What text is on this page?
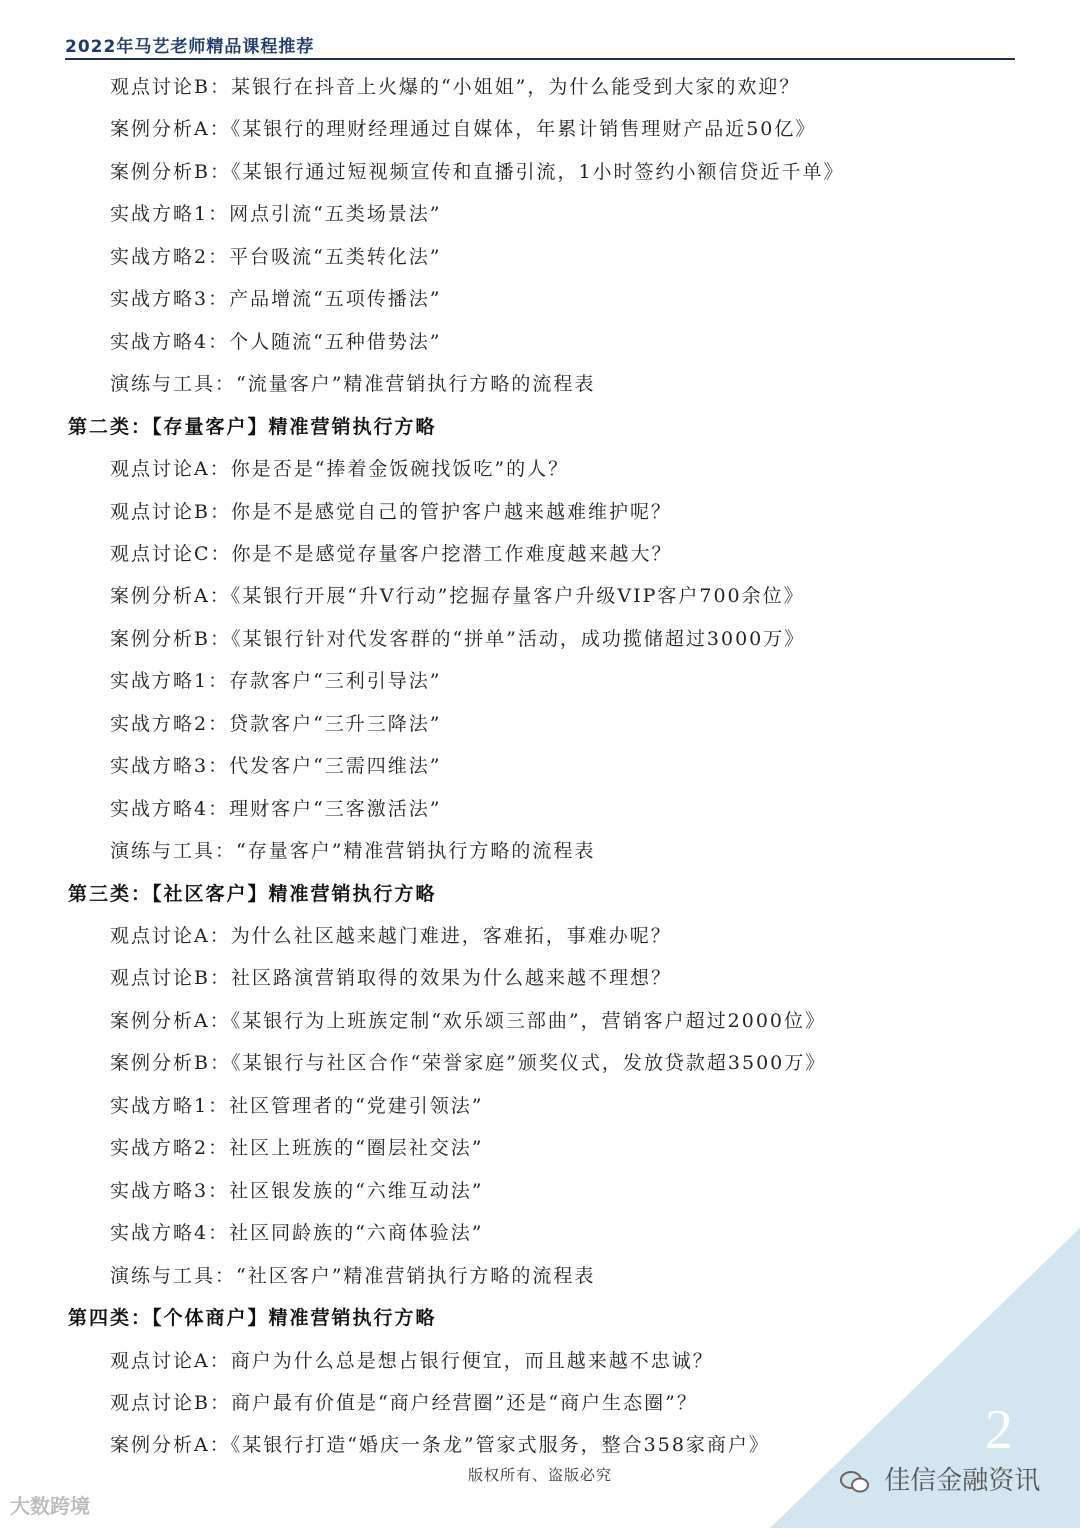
2
2022年马艺老师精品课程推荐
观点讨论B：某银行在抖音上火爆的“小姐姐”，为什么能受到大家的欢迎？
案例分析A：《某银行的理财经理通过自媒体，年累计销售理财产品近50亿》
案例分析B：《某银行通过短视频宣传和直播引流，1小时签约小额信贷近千单》
实战方略1：网点引流“五类场景法”
实战方略2：平台吸流“五类转化法”
实战方略3：产品增流“五项传播法”
实战方略4：个人随流“五种借势法”
演练与工具：“流量客户”精准营销执行方略的流程表
第二类：【存量客户】精准营销执行方略
观点讨论A：你是否是“捧着金饭碗找饭吃”的人？
观点讨论B：你是不是感觉自己的管护客户越来越难维护呢？
观点讨论C：你是不是感觉存量客户挖潜工作难度越来越大？
案例分析A：《某银行开展“升V行动”挖掘存量客户升级VIP客户700余位》
案例分析B：《某银行针对代发客群的“拼单”活动，成功揽储超过3000万》
实战方略1：存款客户“三利引导法”
实战方略2：贷款客户“三升三降法”
实战方略3：代发客户“三需四维法”
实战方略4：理财客户“三客激活法”
演练与工具：“存量客户”精准营销执行方略的流程表
第三类：【社区客户】精准营销执行方略
观点讨论A：为什么社区越来越门难进，客难拓，事难办呢？
观点讨论B：社区路演营销取得的效果为什么越来越不理想？
案例分析A：《某银行为上班族定制“欢乐颂三部曲”，营销客户超过2000位》
案例分析B：《某银行与社区合作“荣誉家庭”颁奖仪式，发放贷款超3500万》
实战方略1：社区管理者的“党建引领法”
实战方略2：社区上班族的“圈层社交法”
实战方略3：社区银发族的“六维互动法”
实战方略4：社区同龄族的“六商体验法”
演练与工具：“社区客户”精准营销执行方略的流程表
第四类：【个体商户】精准营销执行方略
观点讨论A：商户为什么总是想占银行便宜，而且越来越不忠诚？
观点讨论B：商户最有价值是“商户经营圈”还是“商户生态圈”？
案例分析A：《某银行打造“婚庆一条龙”管家式服务，整合358家商户》
版权所有、盗版必究
大数跨境
佳信金融资讯
